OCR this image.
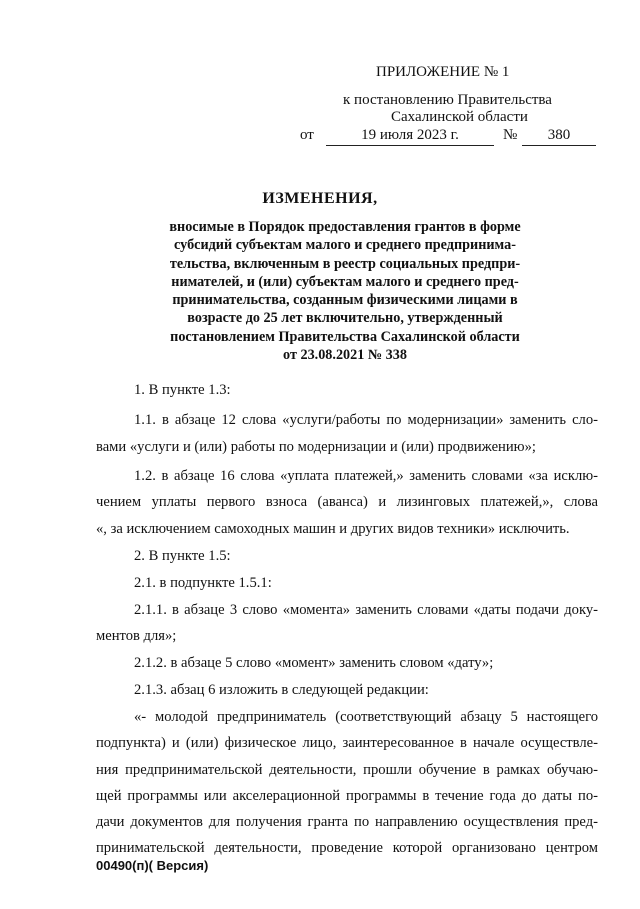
ПРИЛОЖЕНИЕ № 1
к постановлению Правительства
Сахалинской области
от	19 июля 2023 г.	№	380
ИЗМЕНЕНИЯ,
вносимые в Порядок предоставления грантов в форме
субсидий субъектам малого и среднего предпринима-
тельства, включенным в реестр социальных предпри-
нимателей, и (или) субъектам малого и среднего пред-
принимательства, созданным физическими лицами в
возрасте до 25 лет включительно, утвержденный
постановлением Правительства Сахалинской области
от 23.08.2021 № 338
1. В пункте 1.3:
1.1. в абзаце 12 слова «услуги/работы по модернизации» заменить сло-
вами «услуги и (или) работы по модернизации и (или) продвижению»;
1.2. в абзаце 16 слова «уплата платежей,» заменить словами «за исклю-
чением уплаты первого взноса (аванса) и лизинговых платежей,», слова
«, за исключением самоходных машин и других видов техники» исключить.
2. В пункте 1.5:
2.1. в подпункте 1.5.1:
2.1.1. в абзаце 3 слово «момента» заменить словами «даты подачи доку-
ментов для»;
2.1.2. в абзаце 5 слово «момент» заменить словом «дату»;
2.1.3. абзац 6 изложить в следующей редакции:
«- молодой предприниматель (соответствующий абзацу 5 настоящего
подпункта) и (или) физическое лицо, заинтересованное в начале осуществле-
ния предпринимательской деятельности, прошли обучение в рамках обучаю-
щей программы или акселерационной программы в течение года до даты по-
дачи документов для получения гранта по направлению осуществления пред-
принимательской деятельности, проведение которой организовано центром
00490(п)( Версия)
